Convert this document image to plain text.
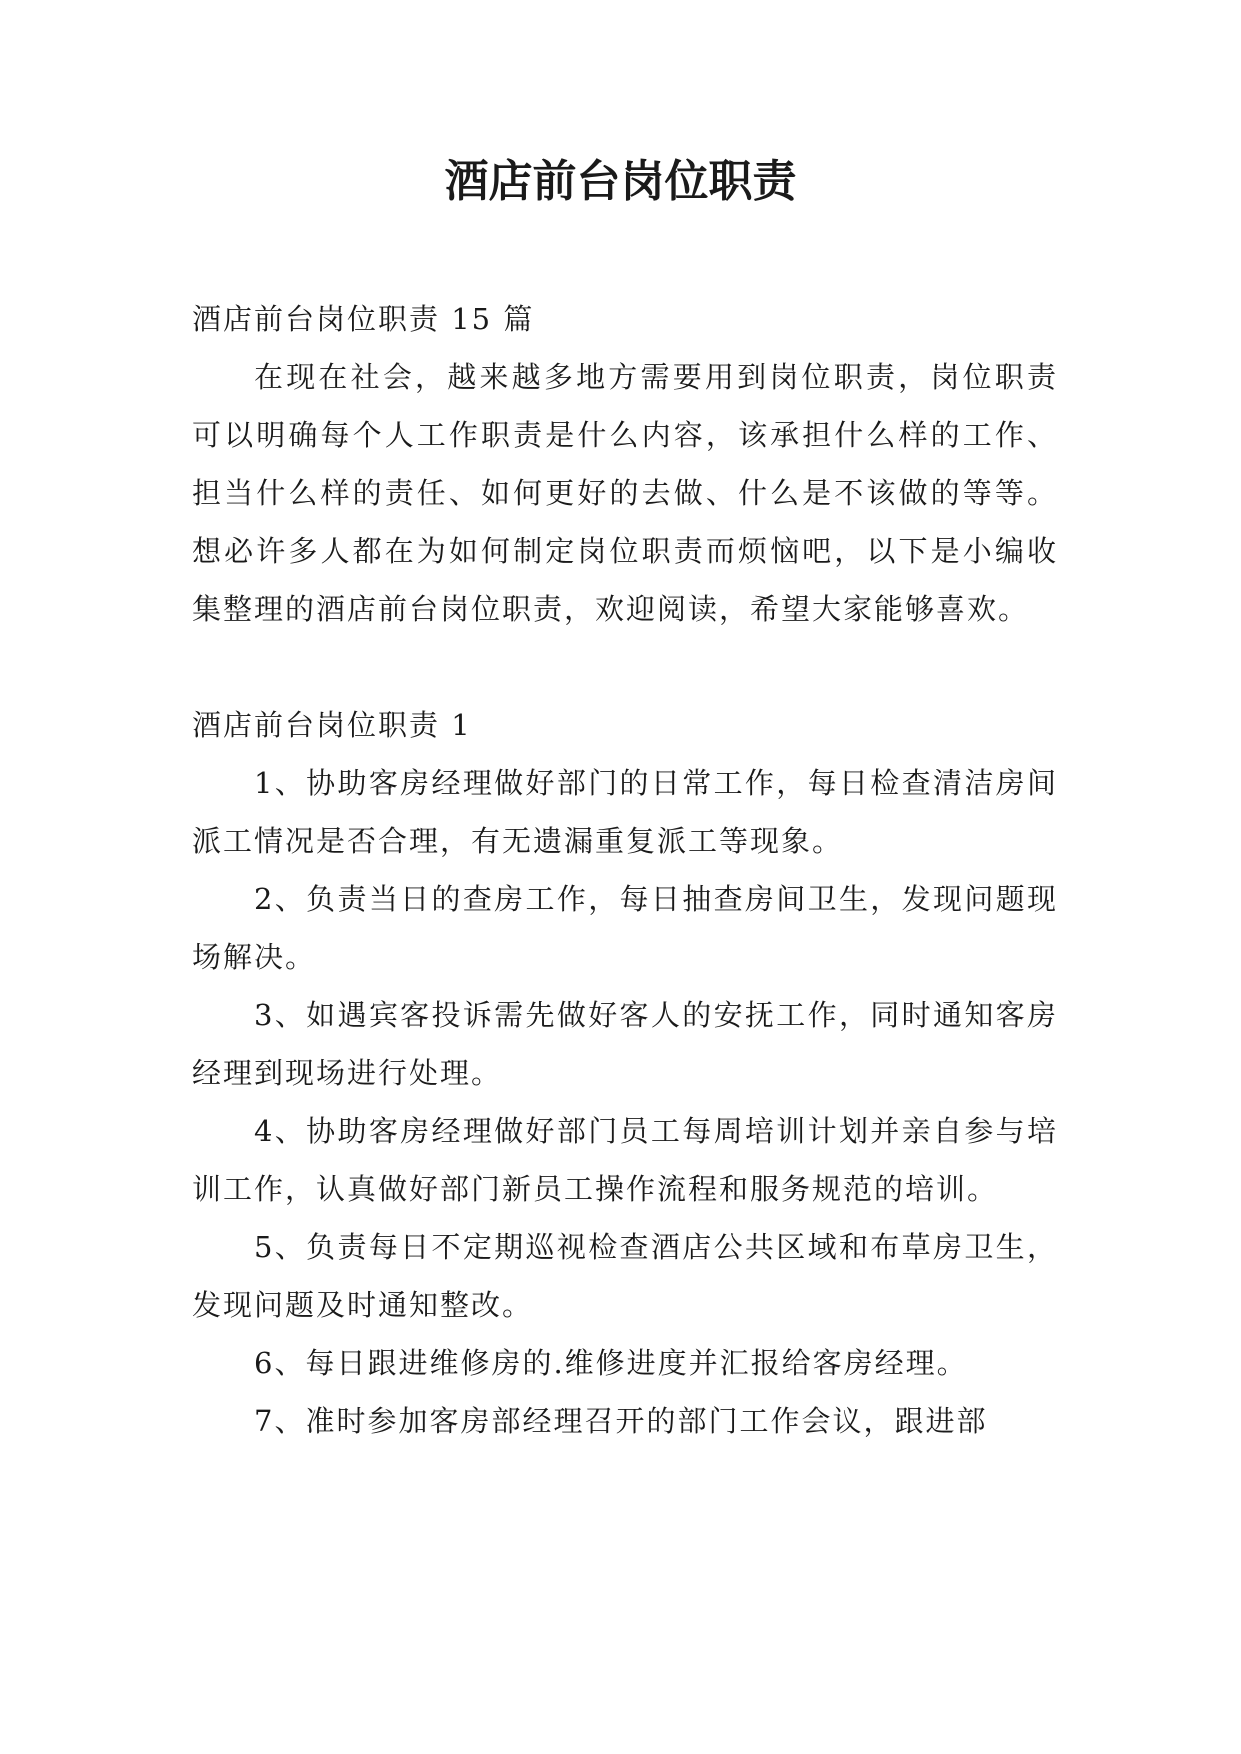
酒店前台岗位职责

酒店前台岗位职责 15 篇

在现在社会，越来越多地方需要用到岗位职责，岗位职责可以明确每个人工作职责是什么内容，该承担什么样的工作、担当什么样的责任、如何更好的去做、什么是不该做的等等。想必许多人都在为如何制定岗位职责而烦恼吧，以下是小编收集整理的酒店前台岗位职责，欢迎阅读，希望大家能够喜欢。

酒店前台岗位职责 1

1、协助客房经理做好部门的日常工作，每日检查清洁房间派工情况是否合理，有无遗漏重复派工等现象。

2、负责当日的查房工作，每日抽查房间卫生，发现问题现场解决。

3、如遇宾客投诉需先做好客人的安抚工作，同时通知客房经理到现场进行处理。

4、协助客房经理做好部门员工每周培训计划并亲自参与培训工作，认真做好部门新员工操作流程和服务规范的培训。

5、负责每日不定期巡视检查酒店公共区域和布草房卫生，发现问题及时通知整改。

6、每日跟进维修房的.维修进度并汇报给客房经理。

7、准时参加客房部经理召开的部门工作会议，跟进部
